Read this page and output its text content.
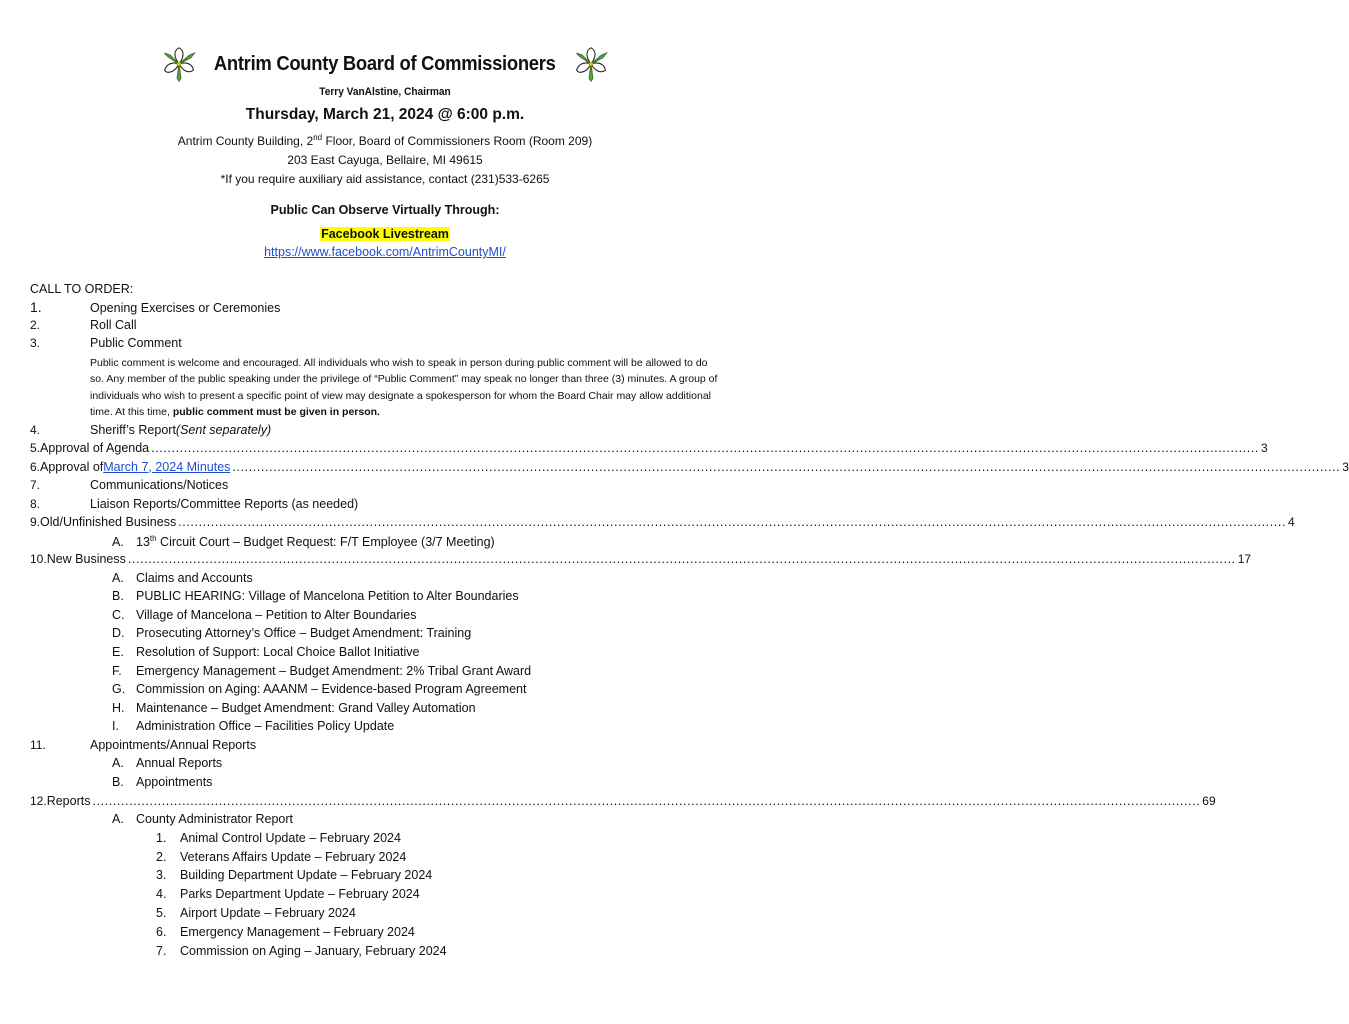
Antrim County Board of Commissioners
Terry VanAlstine, Chairman
Thursday, March 21, 2024 @ 6:00 p.m.
Antrim County Building, 2nd Floor, Board of Commissioners Room (Room 209)
203 East Cayuga, Bellaire, MI 49615
*If you require auxiliary aid assistance, contact (231)533-6265
Public Can Observe Virtually Through:
Facebook Livestream
https://www.facebook.com/AntrimCountyMI/
CALL TO ORDER:
1.	Opening Exercises or Ceremonies
2.	Roll Call
3.	Public Comment
Public comment is welcome and encouraged. All individuals who wish to speak in person during public comment will be allowed to do so. Any member of the public speaking under the privilege of “Public Comment” may speak no longer than three (3) minutes. A group of individuals who wish to present a specific point of view may designate a spokesperson for whom the Board Chair may allow additional time. At this time, public comment must be given in person.
4.	Sheriff’s Report (Sent separately)
5. Approval of Agenda .....	3
6. Approval of March 7, 2024 Minutes .....	3
7.	Communications/Notices
8.	Liaison Reports/Committee Reports (as needed)
9. Old/Unfinished Business .....	4
A. 13th Circuit Court – Budget Request: F/T Employee (3/7 Meeting)
10. New Business .....	17
A. Claims and Accounts
B. PUBLIC HEARING: Village of Mancelona Petition to Alter Boundaries
C. Village of Mancelona – Petition to Alter Boundaries
D. Prosecuting Attorney’s Office – Budget Amendment: Training
E. Resolution of Support: Local Choice Ballot Initiative
F.	Emergency Management – Budget Amendment: 2% Tribal Grant Award
G. Commission on Aging: AAANM – Evidence-based Program Agreement
H. Maintenance – Budget Amendment: Grand Valley Automation
I.	Administration Office – Facilities Policy Update
11.	Appointments/Annual Reports
A. Annual Reports
B. Appointments
12. Reports .....	69
A. County Administrator Report
1.	Animal Control Update – February 2024
2.	Veterans Affairs Update – February 2024
3.	Building Department Update – February 2024
4.	Parks Department Update – February 2024
5.	Airport Update – February 2024
6.	Emergency Management – February 2024
7.	Commission on Aging – January, February 2024
